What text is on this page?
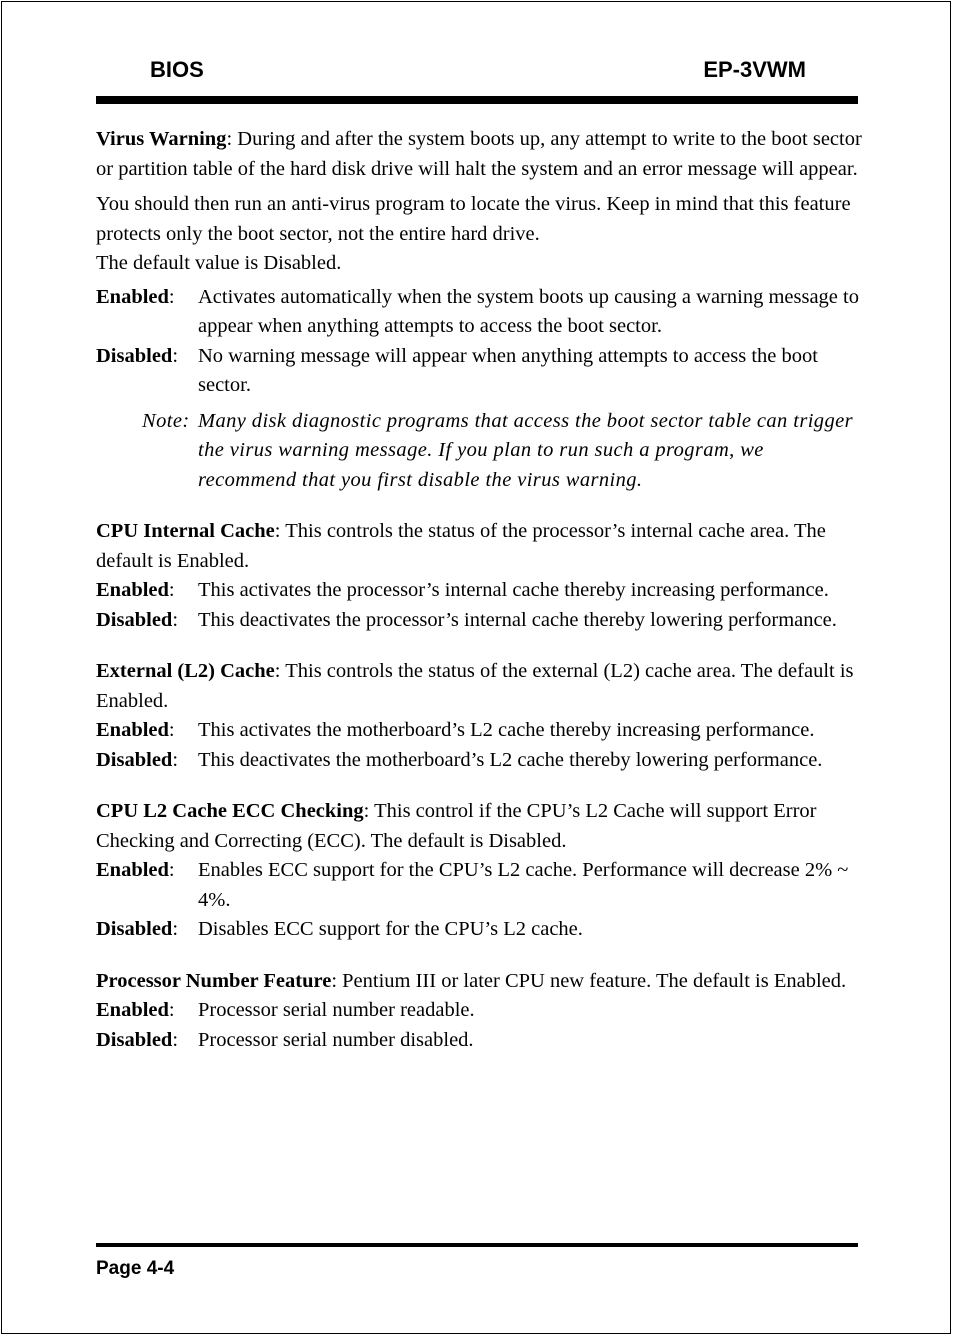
BIOS	EP-3VWM

Virus Warning: During and after the system boots up, any attempt to write to the boot sector or partition table of the hard disk drive will halt the system and an error message will appear.

You should then run an anti-virus program to locate the virus. Keep in mind that this feature protects only the boot sector, not the entire hard drive.

The default value is Disabled.

Enabled:	Activates automatically when the system boots up causing a warning message to appear when anything attempts to access the boot sector.
Disabled: No warning message will appear when anything attempts to access the boot sector.
Note: Many disk diagnostic programs that access the boot sector table can trigger the virus warning message. If you plan to run such a program, we recommend that you first disable the virus warning.

CPU Internal Cache: This controls the status of the processor’s internal cache area. The default is Enabled.

Enabled:	This activates the processor’s internal cache thereby increasing performance.
Disabled: This deactivates the processor’s internal cache thereby lowering performance.

External (L2) Cache: This controls the status of the external (L2) cache area. The default is Enabled.

Enabled:	This activates the motherboard’s L2 cache thereby increasing performance.
Disabled: This deactivates the motherboard’s L2 cache thereby lowering performance.

CPU L2 Cache ECC Checking: This control if the CPU’s L2 Cache will support Error Checking and Correcting (ECC). The default is Disabled.

Enabled:	Enables ECC support for the CPU’s L2 cache. Performance will decrease 2% ~ 4%.
Disabled: Disables ECC support for the CPU’s L2 cache.

Processor Number Feature: Pentium III or later CPU new feature. The default is Enabled.

Enabled:	Processor serial number readable.
Disabled: Processor serial number disabled.
Page 4-4
